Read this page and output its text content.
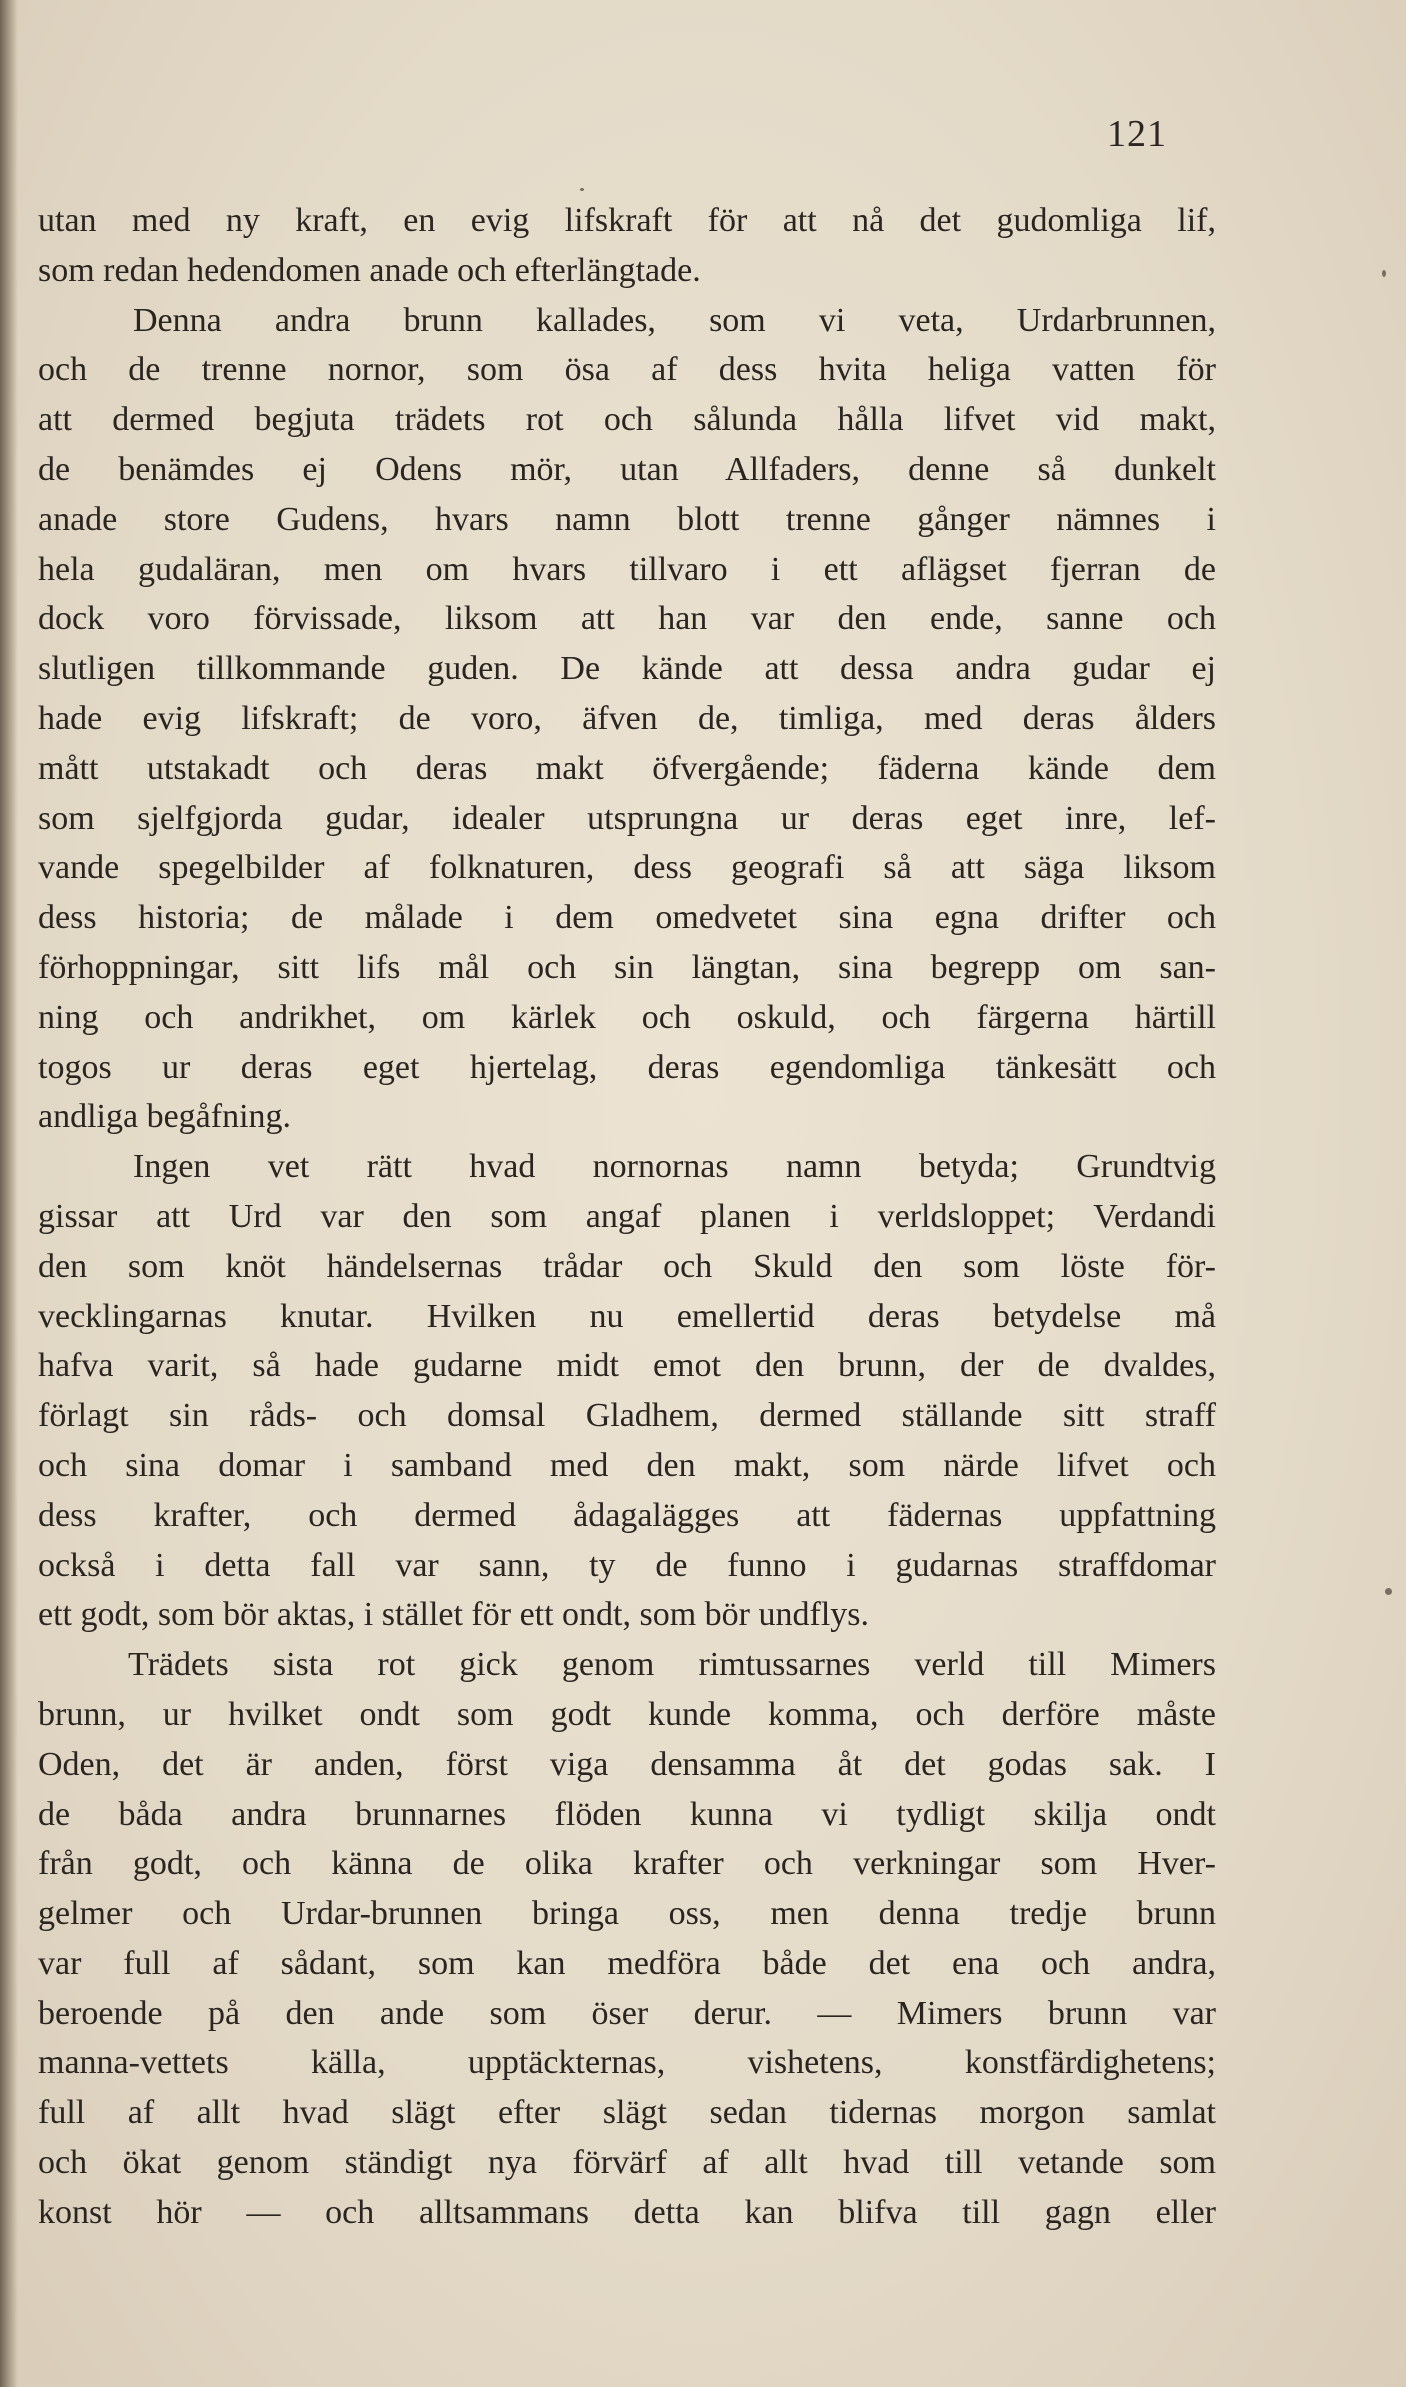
121
utan med ny kraft, en evig lifskraft för att nå det gudomliga lif,
som redan hedendomen anade och efterlängtade.
Denna andra brunn kallades, som vi veta, Urdarbrunnen,
och de trenne nornor, som ösa af dess hvita heliga vatten för
att dermed begjuta trädets rot och sålunda hålla lifvet vid makt,
de benämdes ej Odens mör, utan Allfaders, denne så dunkelt
anade store Gudens, hvars namn blott trenne gånger nämnes i
hela gudaläran, men om hvars tillvaro i ett aflägset fjerran de
dock voro förvissade, liksom att han var den ende, sanne och
slutligen tillkommande guden. De kände att dessa andra gudar ej
hade evig lifskraft; de voro, äfven de, timliga, med deras ålders
mått utstakadt och deras makt öfvergående; fäderna kände dem
som sjelfgjorda gudar, idealer utsprungna ur deras eget inre, lef-
vande spegelbilder af folknaturen, dess geografi så att säga liksom
dess historia; de målade i dem omedvetet sina egna drifter och
förhoppningar, sitt lifs mål och sin längtan, sina begrepp om san-
ning och andrikhet, om kärlek och oskuld, och färgerna härtill
togos ur deras eget hjertelag, deras egendomliga tänkesätt och
andliga begåfning.
Ingen vet rätt hvad nornornas namn betyda; Grundtvig
gissar att Urd var den som angaf planen i verldsloppet; Verdandi
den som knöt händelsernas trådar och Skuld den som löste för-
vecklingarnas knutar. Hvilken nu emellertid deras betydelse må
hafva varit, så hade gudarne midt emot den brunn, der de dvaldes,
förlagt sin råds- och domsal Gladhem, dermed ställande sitt straff
och sina domar i samband med den makt, som närde lifvet och
dess krafter, och dermed ådagalägges att fädernas uppfattning
också i detta fall var sann, ty de funno i gudarnas straffdomar
ett godt, som bör aktas, i stället för ett ondt, som bör undflys.
Trädets sista rot gick genom rimtussarnes verld till Mimers
brunn, ur hvilket ondt som godt kunde komma, och derföre måste
Oden, det är anden, först viga densamma åt det godas sak. I
de båda andra brunnarnes flöden kunna vi tydligt skilja ondt
från godt, och känna de olika krafter och verkningar som Hver-
gelmer och Urdar-brunnen bringa oss, men denna tredje brunn
var full af sådant, som kan medföra både det ena och andra,
beroende på den ande som öser derur. — Mimers brunn var
manna-vettets källa, upptäckternas, vishetens, konstfärdighetens;
full af allt hvad slägt efter slägt sedan tidernas morgon samlat
och ökat genom ständigt nya förvärf af allt hvad till vetande som
konst hör — och alltsammans detta kan blifva till gagn eller
